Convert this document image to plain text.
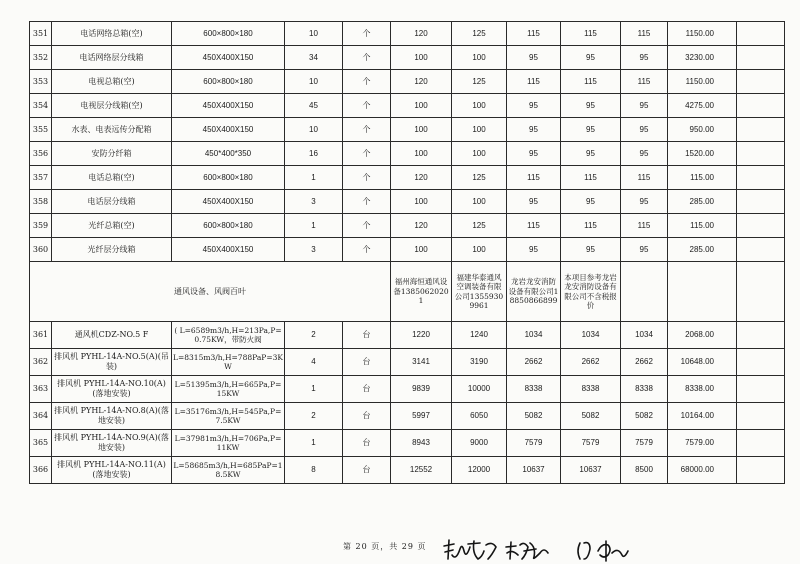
351	电话网络总箱(空)	600×800×180	10	个	120	125	115	115	115	1150.00	
352	电话网络层分线箱	450X400X150	34	个	100	100	95	95	95	3230.00	
353	电视总箱(空)	600×800×180	10	个	120	125	115	115	115	1150.00	
354	电视层分线箱(空)	450X400X150	45	个	100	100	95	95	95	4275.00	
355	水表、电表远传分配箱	450X400X150	10	个	100	100	95	95	95	950.00	
356	安防分纤箱	450*400*350	16	个	100	100	95	95	95	1520.00	
357	电话总箱(空)	600×800×180	1	个	120	125	115	115	115	115.00	
358	电话层分线箱	450X400X150	3	个	100	100	95	95	95	285.00	
359	光纤总箱(空)	600×800×180	1	个	120	125	115	115	115	115.00	
360	光纤层分线箱	450X400X150	3	个	100	100	95	95	95	285.00	
通风设备、风阀百叶					福州海恒通风设备13850620201	福建华泰通风空调装备有限公司13559309961	龙岩龙安消防设备有限公司18850866899	本项目参考龙岩龙安消防设备有限公司不含税报价			
361	通风机CDZ-NO.5 F	( L=6589m3/h,H=213Pa,P=0.75KW，带防火阀	2	台	1220	1240	1034	1034	1034	2068.00	
362	排风机 PYHL-14A-NO.5(A)(吊装)	L=8315m3/h,H=788PaP=3KW	4	台	3141	3190	2662	2662	2662	10648.00	
363	排风机 PYHL-14A-NO.10(A)(落地安装)	L=51395m3/h,H=665Pa,P=15KW	1	台	9839	10000	8338	8338	8338	8338.00	
364	排风机 PYHL-14A-NO.8(A)(落地安装)	L=35176m3/h,H=545Pa,P=7.5KW	2	台	5997	6050	5082	5082	5082	10164.00	
365	排风机 PYHL-14A-NO.9(A)(落地安装)	L=37981m3/h,H=706Pa,P=11KW	1	台	8943	9000	7579	7579	7579	7579.00	
366	排风机 PYHL-14A-NO.11(A)(落地安装)	L=58685m3/h,H=685PaP=18.5KW	8	台	12552	12000	10637	10637	8500	68000.00	
第 20 页，共 29 页
